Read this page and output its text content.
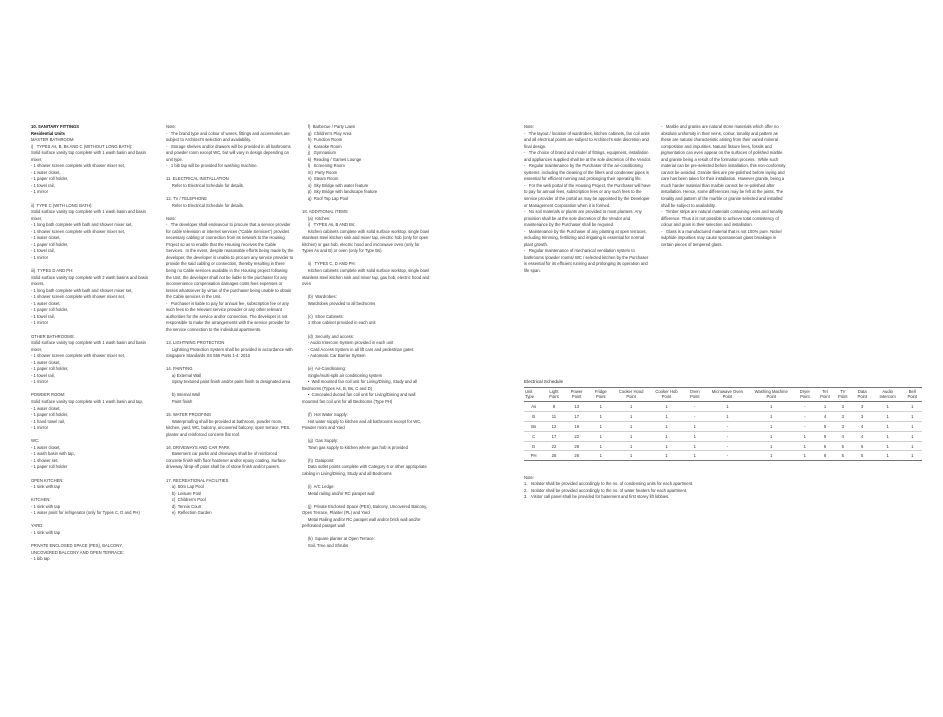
10. SANITARY FITTINGS

Residential Units

MASTER BATHROOM

i)   TYPES As, B, Bs AND C (WITHOUT LONG BATH):

Solid surface vanity top complete with 1 wash basin and basin mixer,

- 1 shower screen complete with shower mixer set,

- 1 water closet,

- 1 paper roll holder,

- 1 towel rail,

- 1 mirror

ii)  TYPE C (WITH LONG BATH):

Solid surface vanity top complete with 1 wash basin and basin mixer,

- 1 long bath complete with bath and shower mixer set,

- 1 shower screen complete with shower mixer set,

- 1 water closet,

- 1 paper roll holder,

- 1 towel rail,

- 1 mirror

iii)  TYPES D AND PH:

Solid surface vanity top complete with 2 wash basins and basin mixers,

- 1 long bath complete with bath and shower mixer set,

- 1 shower screen complete with shower mixer set,

- 1 water closet,

- 1 paper roll holder,

- 1 towel rail,

- 1 mirror

OTHER BATHROOMS:

Solid surface vanity top complete with 1 wash basin and basin mixer,

- 1 shower screen complete with shower mixer set,

- 1 water closet,

- 1 paper roll holder,

- 1 towel rail,

- 1 mirror

POWDER ROOM:

Solid surface vanity top complete with 1 wash basin and tap,

- 1 water closet,

- 1 paper roll holder,

- 1 hand towel rail,

- 1 mirror

WC:

- 1 water closet,

- 1 wash basin with tap,

- 1 shower set,

- 1 paper roll holder

OPEN KITCHEN:

- 1 sink with tap

KITCHEN:

- 1 sink with tap

- 1 water point for refrigerator (only for Types C, D and PH)

YARD:

- 1 sink with tap

PRIVATE ENCLOSED SPACE (PES), BALCONY,

UNCOVERED BALCONY AND OPEN TERRACE:

- 1 bib tap

Note:

-   The brand type and colour of wares, fittings and accessories are subject to Architect's selection and availability.

-   Storage shelves and/or drawers will be provided in all bathrooms and powder room except WC, but will vary in design depending on unit type.

-   1 bib tap will be provided for washing machine.

11. ELECTRICAL INSTALLATION

Refer to Electrical Schedule for details.

12. TV / TELEPHONE

Refer to Electrical Schedule for details.

Note:

-   The developer shall endeavour to procure that a service provider for cable television or internet services ("Cable Services") provides necessary cabling or connection from its network to the Housing Project so as to enable that the Housing receives the Cable Services.  In the event, despite reasonable efforts being made by the developer, the developer is unable to procure any service provider to provide the said cabling or connection, thereby resulting in there being no Cable services available in the Housing project following the Unit, the developer shall not be liable to the purchaser for any inconvenience compensation damages costs fees expenses or losses whatsoever by virtue of the purchaser being unable to obtain the Cable services in the Unit.

-   Purchaser is liable to pay for annual fee, subscription fee or any such fees to the relevant service provider or any other relevant authorities for the service and/or connection. The developer is not responsible to make the arrangements with the service provider for the service connection to the individual apartments.

13. LIGHTNING PROTECTION

Lightning Protection System shall be provided in accordance with Singapore Standards SS 555 Parts 1-4: 2010

14. PAINTING

a) External Wall

Spray textured paint finish and/or paint finish to designated area

b) Internal Wall

Paint finish

15. WATER PROOFING

Waterproofing shall be provided at bathroom, powder room, kitchen, yard, WC, balcony, uncovered balcony, open terrace, PES, planter and reinforced concrete flat roof.

16. DRIVEWAYS AND CAR PARK

Basement car parks and driveways shall be of reinforced concrete finish with floor hardener and/or epoxy coating. Surface driveway /drop-off point shall be of stone finish and/or pavers.

17. RECREATIONAL FACILITIES

a)  50m Lap Pool

b)  Leisure Pool

c)  Children's Pool

d)  Tennis Court

e)  Reflection Garden

f)  Barbecue / Party Lawn

g)  Children's Play Area

h)  Function Room

i)   Karaoke Room

j)   Gymnasium

k)  Reading / Games Lounge

l)   Screening Room

m)  Party Room

n)  Steam Room

o)  Sky Bridge with water feature

p)  Sky Bridge with landscape feature

q)  Roof Top Lap Pool

18. ADDITIONAL ITEMS

(a)  Kitchen:

i)   TYPES As, B AND Bs:

Kitchen cabinets complete with solid surface worktop, single bowl stainless steel kitchen sink and mixer tap, electric hob (only for open kitchen) or gas hob, electric hood and microwave oven (only for Types As and B) or oven (only for Type Bs)

ii)   TYPES C, D AND PH:

Kitchen cabinets complete with solid surface worktop, single bowl stainless steel kitchen sink and mixer tap, gas hob, electric hood and oven

(b)  Wardrobes:

Wardrobes provided to all bedrooms

(c)  Shoe Cabinets:

1 Shoe cabinet provided in each unit

(d)  Security and access:

- Audio Intercom System provided in each unit

- Card Access System in all lift cars and pedestrian gates

- Automatic Car Barrier System

(e)  Air-Conditioning:

Single/multi-split air conditioning system

•  Wall mounted fan coil unit for Living/Dining, Study and all Bedrooms (Types As, B, Bs, C and D)

•  Concealed ducted fan coil unit for Living/Dining and wall mounted fan coil unit for all Bedrooms (Type PH)

(f)  Hot Water Supply:

Hot water supply to kitchen and all bathrooms except for WC, Powder room and Yard

(g)  Gas Supply:

Town gas supply to kitchen where gas hob is provided

(h)  Datapoint:

Data outlet points complete with Category 6 or other appropriate cabling in Living/Dining, Study and all Bedrooms

(i)  A/C Ledge:

Metal railing and/or RC parapet wall

(j)  Private Enclosed Space (PES), Balcony, Uncovered Balcony, Open Terrace, Planter (PL) and Yard

Metal Railing and/or RC parapet wall and/or brick wall and/or perforated parapet wall

(k)  Square planter at Open Terrace:

Soil, Tree and Shrubs

Note:

-   The layout / location of wardrobes, kitchen cabinets, fan coil units and all electrical points are subject to Architect's sole discretion and final design.

-   The choice of brand and model of fittings, equipment, installation and appliances supplied shall be at the sole discretion of the Vendor.

-   Regular maintenance by the Purchaser of the air-conditioning systems, including the cleaning of the filters and condenser pipes is essential for efficient running and prolonging their operating life.

-   For the web portal of the Housing Project, the Purchaser will have to pay for annual fees, subscription fees or any such fees to the service provider of the portal as may be appointed by the Developer or Management Corporation when it is formed.

-   No soil materials or plants are provided to most planters. Any provision shall be at the sole discretion of the Vendor and maintenance by the Purchaser shall be required.

-   Maintenance by the Purchaser of any planting at open terraces, including trimming, fertilizing and irrigating is essential for normal plant growth.

-   Regular maintenance of mechanical ventilation system to bathrooms /powder rooms/ WC / selected kitchen by the Purchaser is essential for its efficient running and prolonging its operation and life span.

-   Marble and granite are natural stone materials which offer no absolute uniformity in their veins, colour, tonality and pattern as these are natural characteristic arising from their varied mineral composition and impurities. Natural fissure lines, fossils and pigmentation can even appear on the surfaces of polished marble and granite being a result of the formation process.  While such material can be pre-selected before installation, this non-conformity cannot be avoided. Granite tiles are pre-polished before laying and care has been taken for their installation. However granite, being a much harder material than marble cannot be re-polished after installation. Hence, some differences may be felt at the joints. The tonality and pattern of the marble or granite selected and installed shall be subject to availability.

-   Timber strips are natural materials containing veins and tonality difference. Thus it is not possible to achieve total consistency of colour and grain in their selection and installation.

-   Glass is a manufactured material that is not 100% pure. Nickel sulphide impurities may cause spontaneous glass breakage in certain pieces of tempered glass.

Electrical Schedule
Unit Type	Light Point	Power Point	Fridge Point	Cooker Hood Point	Cooker Hob Point	Oven Point	Microwave Oven Point	Washing Machine Point	Dryer Point	Tel Point	TV Point	Data Point	Audio Intercom	Bell Point
As	8	13	1	1	1	-	1	1	-	1	3	3	1	1
B	11	17	1	1	1	-	1	1	-	4	3	3	1	1
Bs	12	19	1	1	1	1	-	1	-	5	3	4	1	1
C	17	22	1	1	1	1	-	1	1	5	4	4	1	1
D	22	26	1	1	1	1	-	1	1	6	5	5	1	1
PH	25	26	1	1	1	1	-	1	1	6	5	5	1	1

Note:

1.   Isolator shall be provided accordingly to the no. of condensing units for each apartment.

2.   Isolator shall be provided accordingly to the no. of water heaters for each apartment.

3.   Visitor call panel shall be provided for basement and first storey lift lobbies.
